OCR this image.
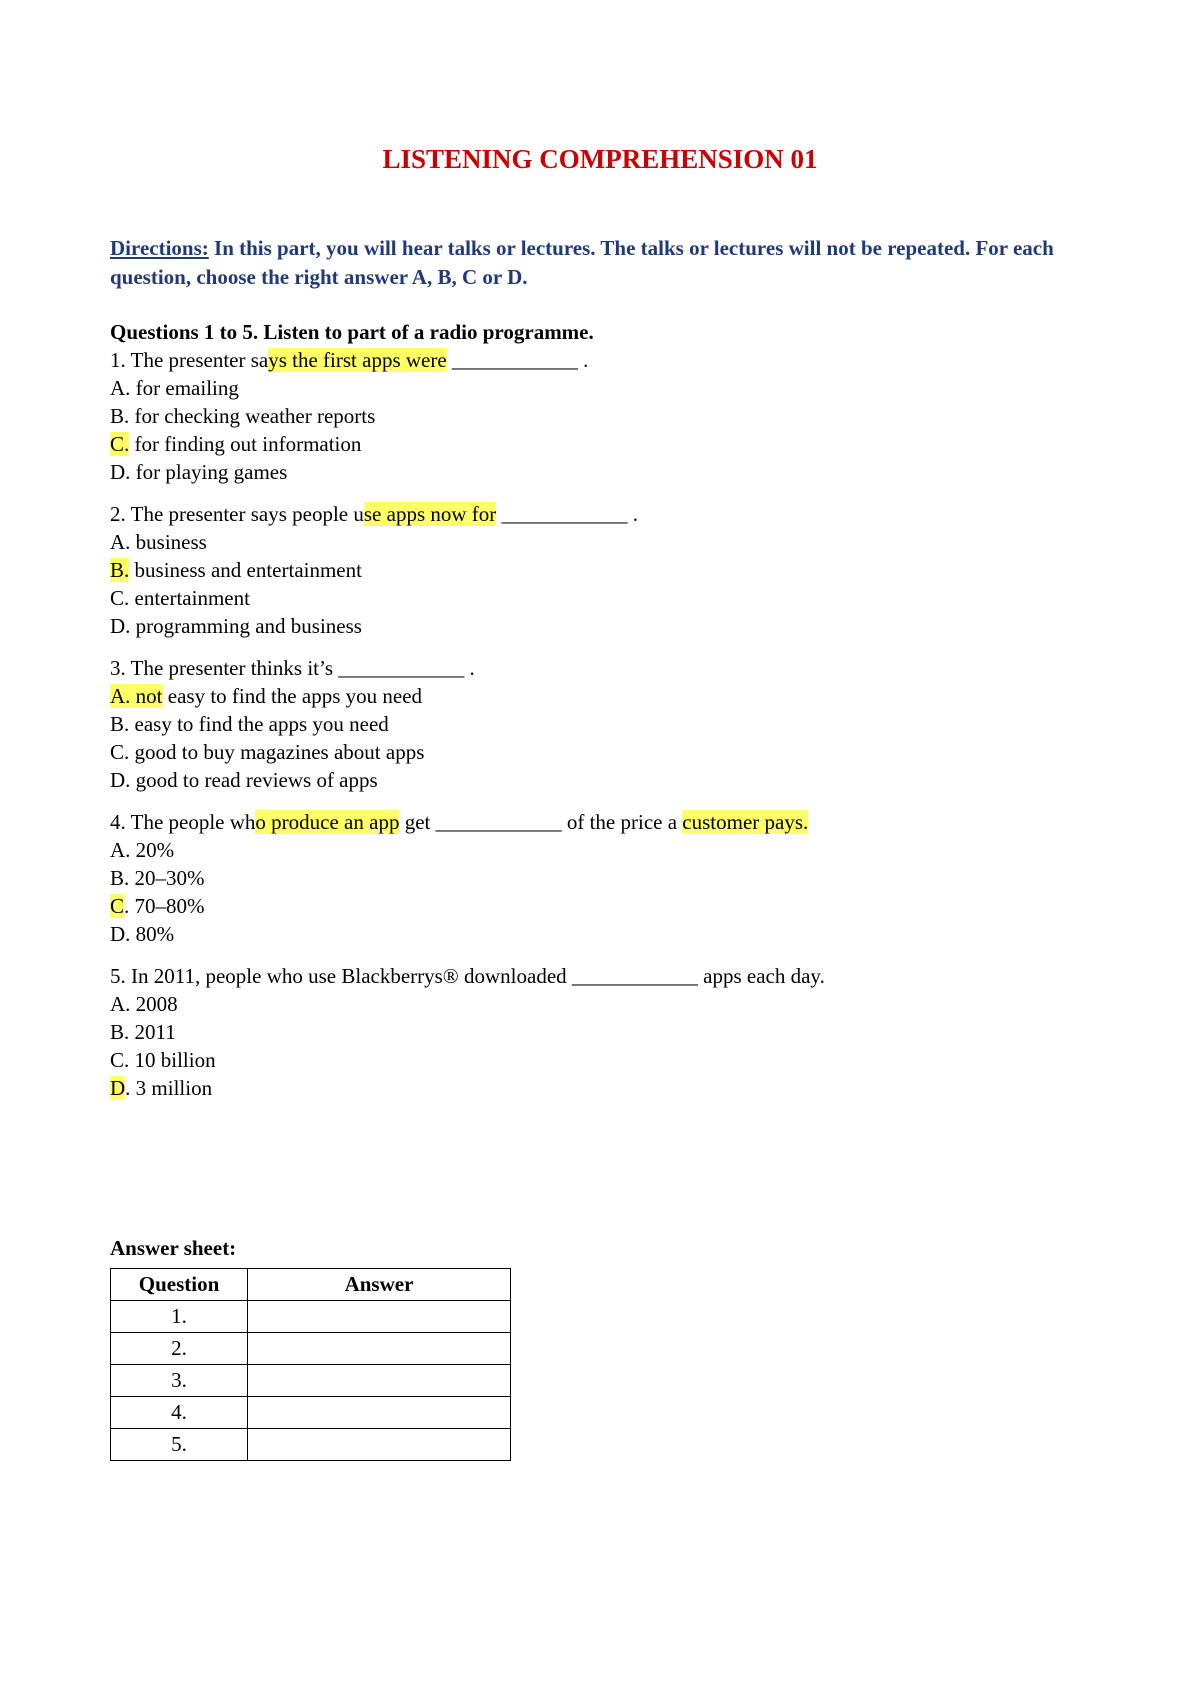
LISTENING COMPREHENSION 01
Directions: In this part, you will hear talks or lectures. The talks or lectures will not be repeated. For each question, choose the right answer A, B, C or D.
Questions 1 to 5. Listen to part of a radio programme.
1. The presenter says the first apps were ____________ .
A. for emailing
B. for checking weather reports
C. for finding out information
D. for playing games
2. The presenter says people use apps now for ____________ .
A. business
B. business and entertainment
C. entertainment
D. programming and business
3. The presenter thinks it’s ____________ .
A. not easy to find the apps you need
B. easy to find the apps you need
C. good to buy magazines about apps
D. good to read reviews of apps
4. The people who produce an app get ____________ of the price a customer pays.
A. 20%
B. 20–30%
C. 70–80%
D. 80%
5. In 2011, people who use Blackberrys® downloaded ____________ apps each day.
A. 2008
B. 2011
C. 10 billion
D. 3 million
Answer sheet:
Question	Answer
1.	
2.	
3.	
4.	
5.	
